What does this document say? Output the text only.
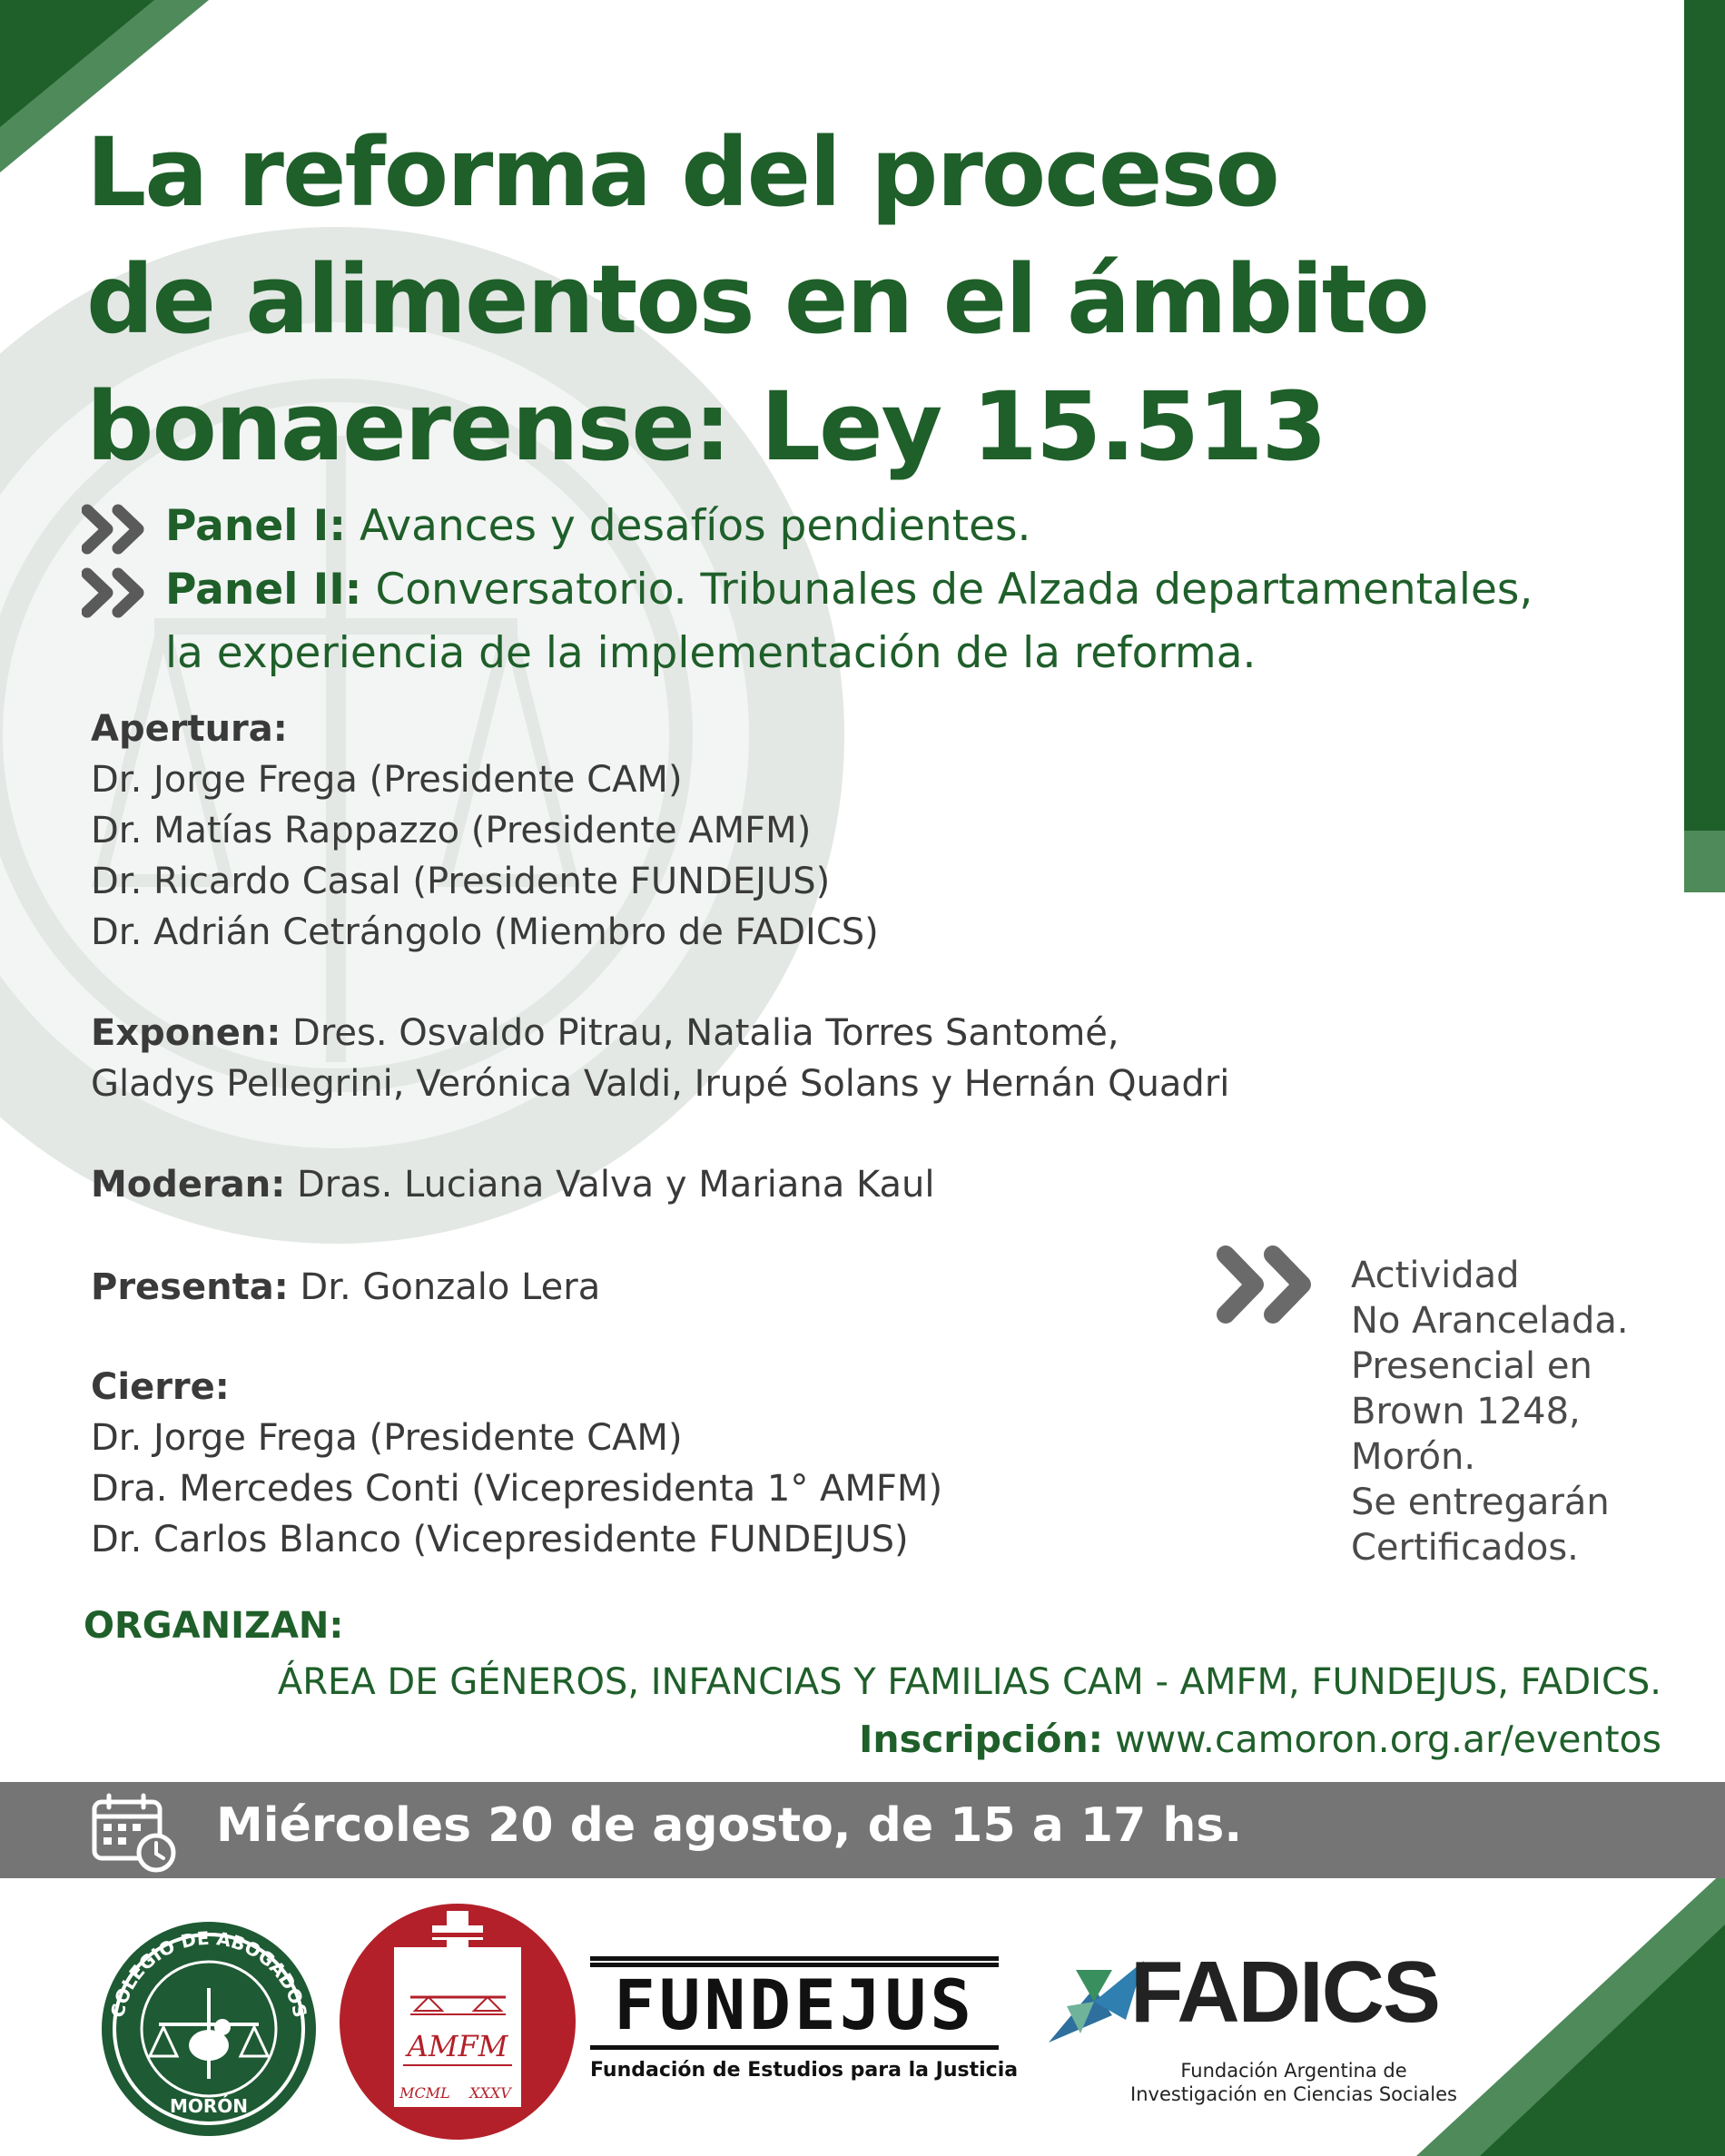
La reforma del proceso
de alimentos en el ámbito
bonaerense: Ley 15.513
Panel I: Avances y desafíos pendientes.
Panel II: Conversatorio. Tribunales de Alzada departamentales,
la experiencia de la implementación de la reforma.
Apertura:
Dr. Jorge Frega (Presidente CAM)
Dr. Matías Rappazzo (Presidente AMFM)
Dr. Ricardo Casal (Presidente FUNDEJUS)
Dr. Adrián Cetrángolo (Miembro de FADICS)
Exponen: Dres. Osvaldo Pitrau, Natalia Torres Santomé,
Gladys Pellegrini, Verónica Valdi, Irupé Solans y Hernán Quadri
Moderan: Dras. Luciana Valva y Mariana Kaul
Presenta: Dr. Gonzalo Lera
Cierre:
Dr. Jorge Frega (Presidente CAM)
Dra. Mercedes Conti (Vicepresidenta 1° AMFM)
Dr. Carlos Blanco (Vicepresidente FUNDEJUS)
Actividad
No Arancelada.
Presencial en
Brown 1248,
Morón.
Se entregarán
Certificados.
ORGANIZAN:
ÁREA DE GÉNEROS, INFANCIAS Y FAMILIAS CAM - AMFM, FUNDEJUS, FADICS.
Inscripción: www.camoron.org.ar/eventos
Miércoles 20 de agosto, de 15 a 17 hs.
COLEGIO DE ABOGADOS
MORÓN
AMFM
MCML XXXV
FUNDEJUS
Fundación de Estudios para la Justicia
FADICS
Fundación Argentina de
Investigación en Ciencias Sociales
